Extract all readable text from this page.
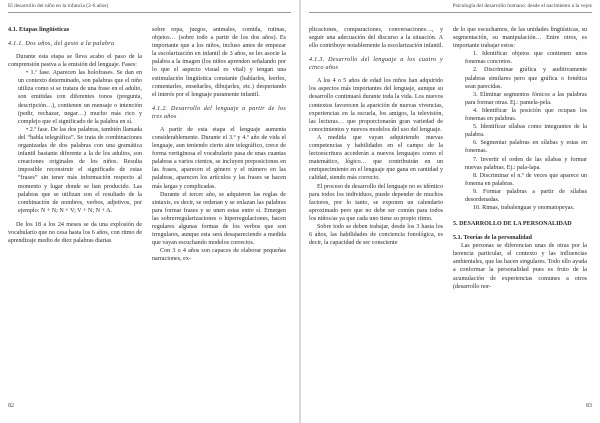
El desarrollo del niño en la infancia (2-6 años)
4.1. Etapas lingüísticas
4.1.1. Dos años, del gesto a la palabra

Durante esta etapa se lleva acabo el paso de la comprensión pasiva a la emisión del lenguaje. Fases:

• 1.ª fase. Aparecen las holofrases. Se dan en un contexto determinado, son palabras que el niño utiliza como si se tratara de una frase en el adulto, son emitidas con diferentes tonos (pregunta, descripción…), contienen un mensaje o intención (pedir, rechazar, negar…) mucho más rico y complejo que el significado de la palabra en sí.

• 2.ª fase. De las dos palabras, también llamada del “habla telegráfica”. Se trata de combinaciones organizadas de dos palabras con una gramática infantil bastante diferente a la de los adultos, son creaciones originales de los niños. Resulta imposible reconstruir el significado de estas “frases” sin tener más información respecto al momento y lugar donde se han producido. Las palabras que se utilizan son el resultado de la combinación de nombres, verbos, adjetivos, por ejemplo: N + N; N + V; V + N; N + A.

De los 18 a los 24 meses se da una explosión de vocabulario que no cesa hasta los 6 años, con ritmo de aprendizaje medio de diez palabras diarias

sobre ropa, juegos, animales, comida, rutinas, objetos… (sobre todo a partir de los dos años). Es importante que a los niños, incluso antes de empezar la escolarización en infantil de 3 años, se les asocie la palabra a la imagen (los niños aprenden señalando por lo que el aspecto visual es vital) y tengan una estimulación lingüística constante (hablarles, leerles, comentarles, enseñarles, dibujarles, etc.) despertando el interés por el lenguaje puramente infantil.

4.1.2. Desarrollo del lenguaje a partir de los tres años

A partir de esta etapa el lenguaje aumenta considerablemente. Durante el 3.º y 4.º año de vida el lenguaje, aun teniendo cierto aire telegráfico, crece de forma vertiginosa el vocabulario pasa de unas cuantas palabras a varios cientos, se incluyen preposiciones en las frases, aparecen el género y el número en las palabras, aparecen los artículos y las frases se hacen más largas y complicadas.

Durante el tercer año, se adquieren las reglas de sintaxis, es decir, se ordenan y se enlazan las palabras para formar frases y se unen estas entre sí. Emergen las sobrerregularizaciones o hiperregulaciones, hacen regulares algunas formas de los verbos que son irregulares, aunque esta será desapareciendo a medida que vayan escuchando modelos correctos.

Con 3 o 4 años son capaces de elaborar pequeñas narraciones, ex-

82
Psicología del desarrollo humano: desde el nacimiento a la vejez

plicaciones, comparaciones, conversaciones…, y seguir una adecuación del discurso a la situación. A ello contribuye notablemente la escolarización infantil.

4.1.3. Desarrollo del lenguaje a los cuatro y cinco años

A los 4 o 5 años de edad los niños han adquirido los aspectos más importantes del lenguaje, aunque su desarrollo continuará durante toda la vida. Los nuevos contextos favorecen la aparición de nuevas vivencias, experiencias en la escuela, los amigos, la televisión, las lecturas… que proporcionarán gran variedad de conocimientos y nuevos modelos del uso del lenguaje.

A medida que vayan adquiriendo nuevas competencias y habilidades en el campo de la lectoescritura accederán a nuevos lenguajes como el matemático, lógico… que contribuirán en un enriquecimiento en el lenguaje que gana en cantidad y calidad, siendo más correcto.

El proceso de desarrollo del lenguaje no es idéntico para todos los individuos, puede depender de muchos factores, por lo tanto, se exponen un calendario aproximado pero que no debe ser común para todos los niños/as ya que cada uno tiene su propio ritmo.

Sobre todo se deben trabajar, desde los 3 hasta los 6 años, las habilidades de conciencia fonológica, es decir, la capacidad de ser consciente

de lo que escuchamos, de las unidades lingüísticas, su segmentación, su manipulación… Entre otros, es importante trabajar estos:

1. Identificar objetos que contienen unos fonemas concretos.

2. Discriminar gráfica y auditivamente palabras similares pero que gráfica o fonética sean parecidas.

3. Eliminar segmentos fónicos a las palabras para formar otras. Ej.: pamela-pela.

4. Identificar la posición que ocupan los fonemas en palabras.

5. Identificar sílabas como integrantes de la palabra.

6. Segmentar palabras en sílabas y estas en fonemas.

7. Invertir el orden de las sílabas y formar nuevas palabras. Ej.: pala-lapa.

8. Discriminar el n.º de veces que aparece un fonema en palabras.

9. Formar palabras a partir de sílabas desordenadas.

10. Rimas, trabalenguas y onomatopeyas.

5. DESARROLLO DE LA PERSONALIDAD
5.1. Teorías de la personalidad

Las personas se diferencian unas de otras por la herencia particular, el contexto y las influencias ambientales, que las hacen singulares. Todo ello ayuda a conformar la personalidad pues es fruto de la acumulación de experiencias comunes a otros (desarrollo nor-

83
